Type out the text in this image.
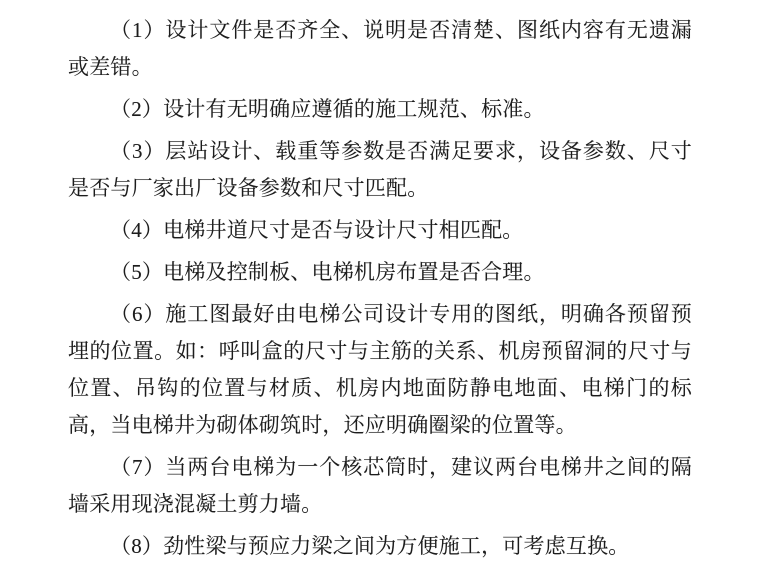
（1）设计文件是否齐全、说明是否清楚、图纸内容有无遗漏或差错。

（2）设计有无明确应遵循的施工规范、标准。

（3）层站设计、载重等参数是否满足要求，设备参数、尺寸是否与厂家出厂设备参数和尺寸匹配。

（4）电梯井道尺寸是否与设计尺寸相匹配。

（5）电梯及控制板、电梯机房布置是否合理。

（6）施工图最好由电梯公司设计专用的图纸，明确各预留预埋的位置。如：呼叫盒的尺寸与主筋的关系、机房预留洞的尺寸与位置、吊钩的位置与材质、机房内地面防静电地面、电梯门的标高，当电梯井为砌体砌筑时，还应明确圈梁的位置等。

（7）当两台电梯为一个核芯筒时，建议两台电梯井之间的隔墙采用现浇混凝土剪力墙。

（8）劲性梁与预应力梁之间为方便施工，可考虑互换。
